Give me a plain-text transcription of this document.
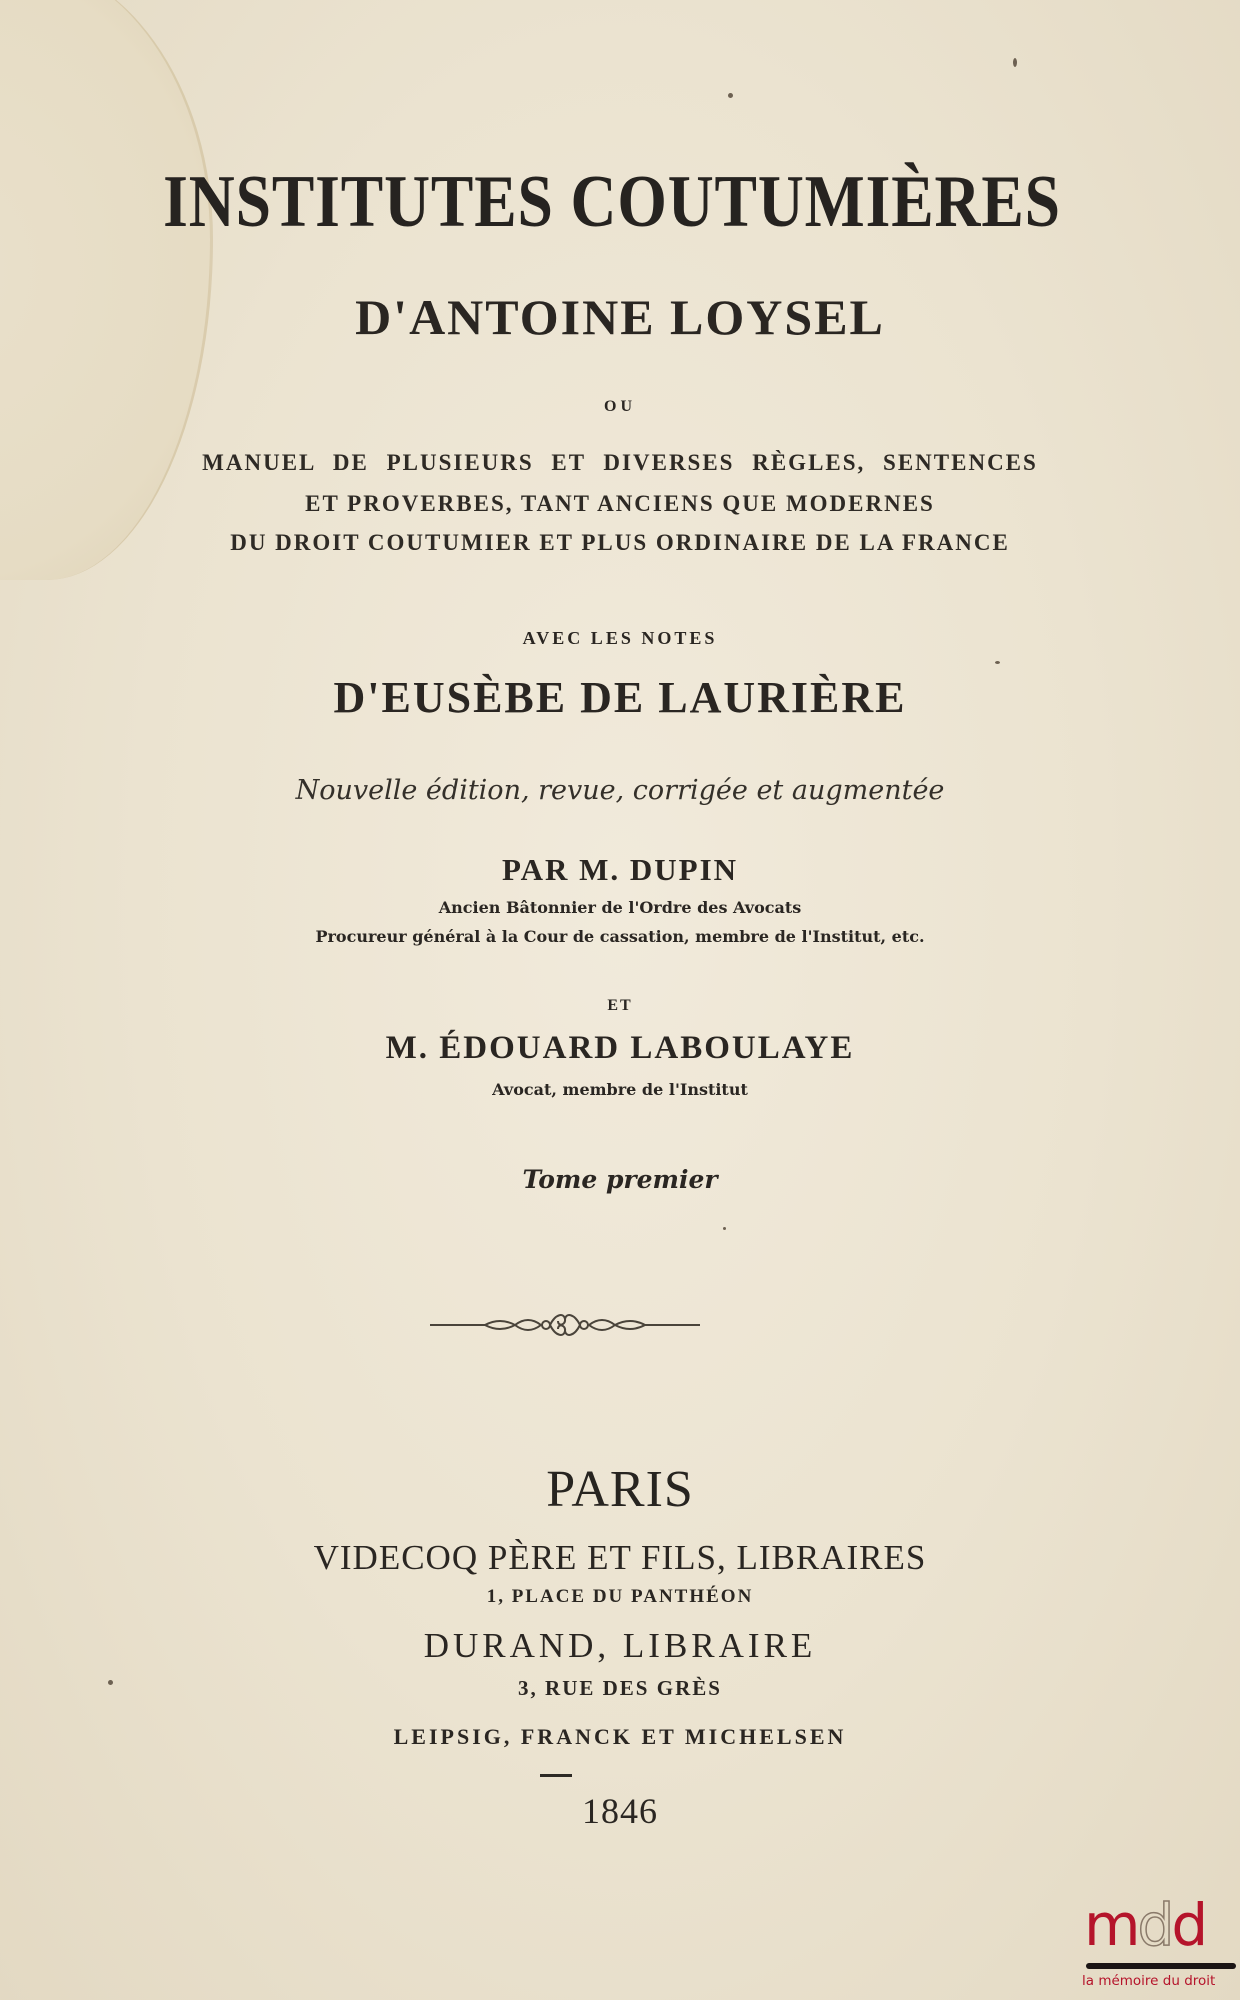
INSTITUTES COUTUMIÈRES
D'ANTOINE LOYSEL
OU
MANUEL DE PLUSIEURS ET DIVERSES RÈGLES, SENTENCES
ET PROVERBES, TANT ANCIENS QUE MODERNES
DU DROIT COUTUMIER ET PLUS ORDINAIRE DE LA FRANCE
AVEC LES NOTES
D'EUSÈBE DE LAURIÈRE
Nouvelle édition, revue, corrigée et augmentée
PAR M. DUPIN
Ancien Bâtonnier de l'Ordre des Avocats
Procureur général à la Cour de cassation, membre de l'Institut, etc.
ET
M. ÉDOUARD LABOULAYE
Avocat, membre de l'Institut
Tome premier
PARIS
VIDECOQ PÈRE ET FILS, LIBRAIRES
1, PLACE DU PANTHÉON
DURAND, LIBRAIRE
3, RUE DES GRÈS
LEIPSIG, FRANCK ET MICHELSEN
1846
mdd
la mémoire du droit
